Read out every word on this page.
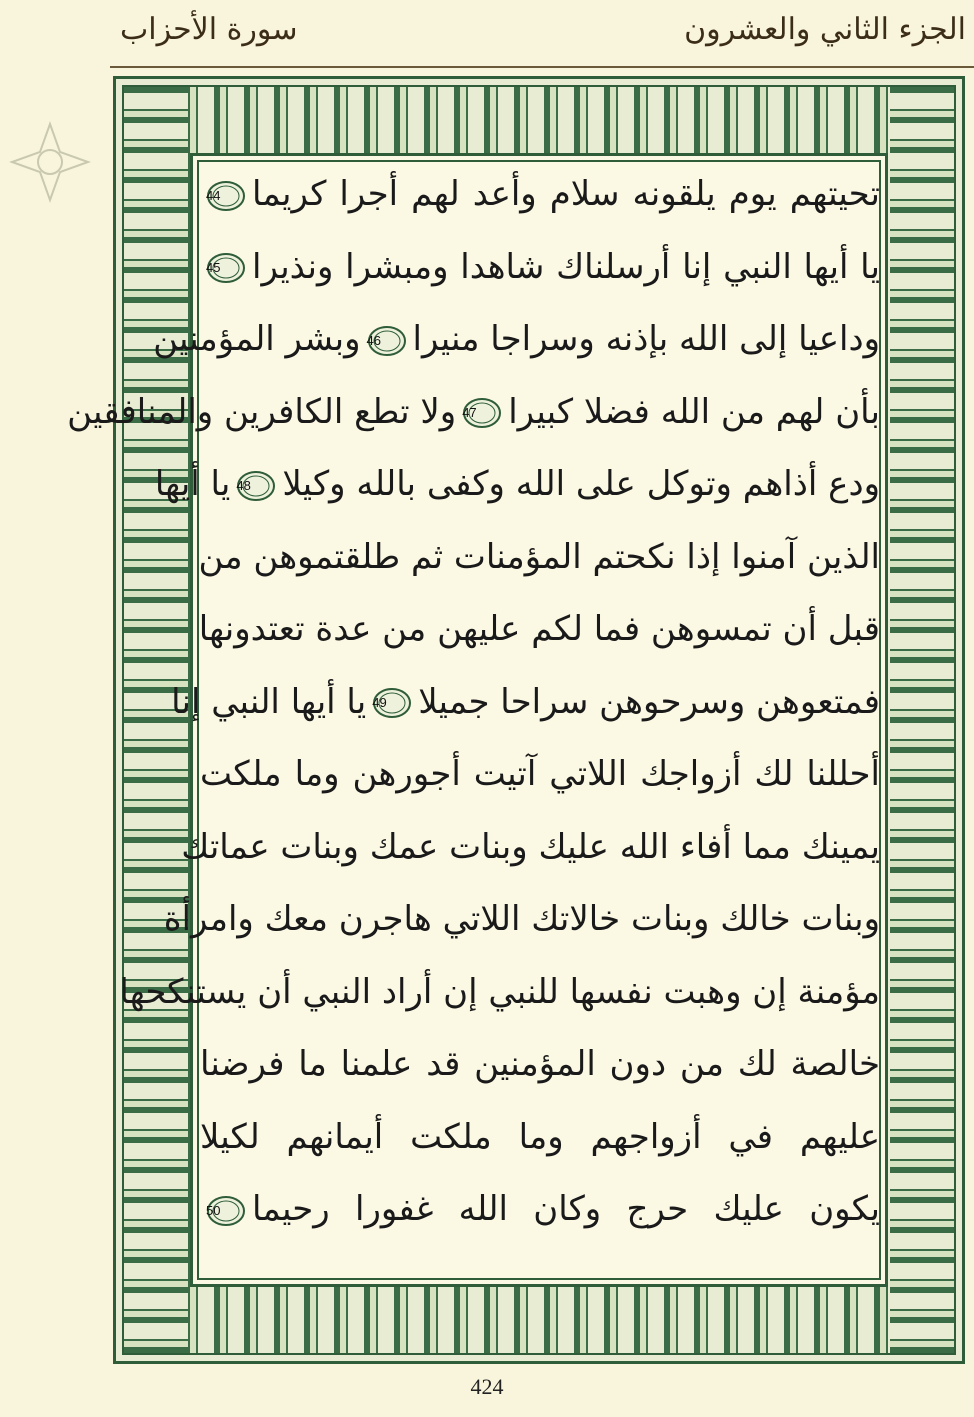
الجزء الثاني والعشرون
سورة الأحزاب
تحيتهم يوم يلقونه سلام وأعد لهم أجرا كريما
44
يا أيها النبي إنا أرسلناك شاهدا ومبشرا ونذيرا
45
وداعيا إلى الله بإذنه وسراجا منيرا
46
وبشر المؤمنين
بأن لهم من الله فضلا كبيرا
47
ولا تطع الكافرين والمنافقين
ودع أذاهم وتوكل على الله وكفى بالله وكيلا
48
يا أيها
الذين آمنوا إذا نكحتم المؤمنات ثم طلقتموهن من
قبل أن تمسوهن فما لكم عليهن من عدة تعتدونها
فمتعوهن وسرحوهن سراحا جميلا
49
يا أيها النبي إنا
أحللنا لك أزواجك اللاتي آتيت أجورهن وما ملكت
يمينك مما أفاء الله عليك وبنات عمك وبنات عماتك
وبنات خالك وبنات خالاتك اللاتي هاجرن معك وامرأة
مؤمنة إن وهبت نفسها للنبي إن أراد النبي أن يستنكحها
خالصة لك من دون المؤمنين قد علمنا ما فرضنا
عليهم في أزواجهم وما ملكت أيمانهم لكيلا
يكون عليك حرج وكان الله غفورا رحيما
50
424
